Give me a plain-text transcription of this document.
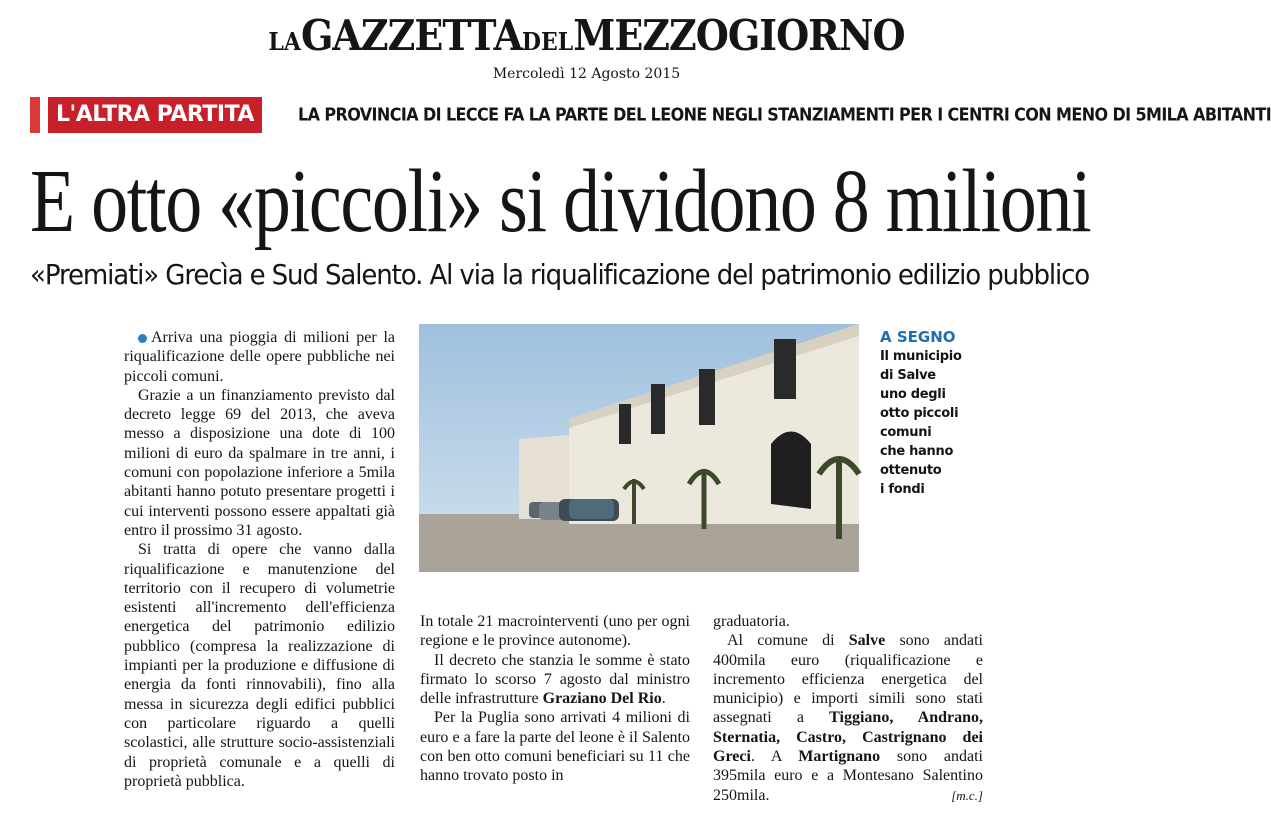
LAGAZZETTADELMEZZOGIORNO
Mercoledì 12 Agosto 2015
L'ALTRA PARTITA	LA PROVINCIA DI LECCE FA LA PARTE DEL LEONE NEGLI STANZIAMENTI PER I CENTRI CON MENO DI 5MILA ABITANTI
E otto «piccoli» si dividono 8 milioni
«Premiati» Grecìa e Sud Salento. Al via la riqualificazione del patrimonio edilizio pubblico

Arriva una pioggia di milioni per la riqualificazione delle opere pubbliche nei piccoli comuni.

Grazie a un finanziamento previsto dal decreto legge 69 del 2013, che aveva messo a disposizione una dote di 100 milioni di euro da spalmare in tre anni, i comuni con popolazione inferiore a 5mila abitanti hanno potuto presentare progetti i cui interventi possono essere appaltati già entro il prossimo 31 agosto.

Si tratta di opere che vanno dalla riqualificazione e manutenzione del territorio con il recupero di volumetrie esistenti all'incremento dell'efficienza energetica del patrimonio edilizio pubblico (compresa la realizzazione di impianti per la produzione e diffusione di energia da fonti rinnovabili), fino alla messa in sicurezza degli edifici pubblici con particolare riguardo a quelli scolastici, alle strutture socio-assistenziali di proprietà comunale e a quelli di proprietà pubblica.

A SEGNO
Il municipio
di Salve
uno degli
otto piccoli
comuni
che hanno
ottenuto
i fondi

In totale 21 macrointerventi (uno per ogni regione e le province autonome).

Il decreto che stanzia le somme è stato firmato lo scorso 7 agosto dal ministro delle infrastrutture Graziano Del Rio.

Per la Puglia sono arrivati 4 milioni di euro e a fare la parte del leone è il Salento con ben otto comuni beneficiari su 11 che hanno trovato posto in

graduatoria.

Al comune di Salve sono andati 400mila euro (riqualificazione e incremento efficienza energetica del municipio) e importi simili sono stati assegnati a Tiggiano, Andrano, Sternatia, Castro, Castrignano dei Greci. A Martignano sono andati 395mila euro e a Montesano Salentino 250mila.	[m.c.]
